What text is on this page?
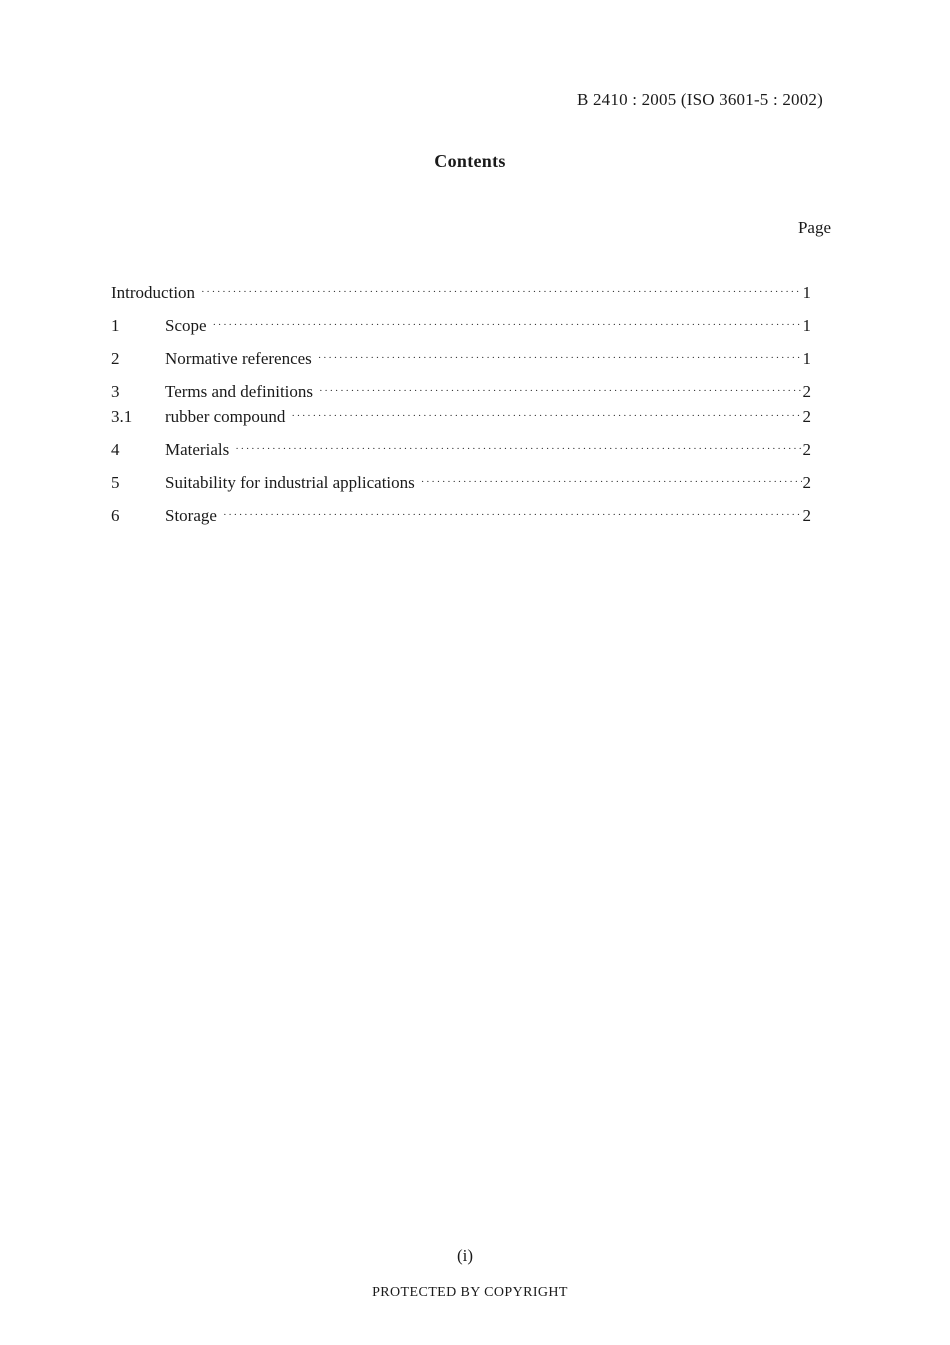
B 2410 : 2005 (ISO 3601-5 : 2002)
Contents
Page
Introduction ·····	1
1	Scope ·····	1
2	Normative references ·····	1
3	Terms and definitions ·····	2
3.1	rubber compound ·····	2
4	Materials ·····	2
5	Suitability for industrial applications ·····	2
6	Storage ·····	2
(i)
PROTECTED BY COPYRIGHT
